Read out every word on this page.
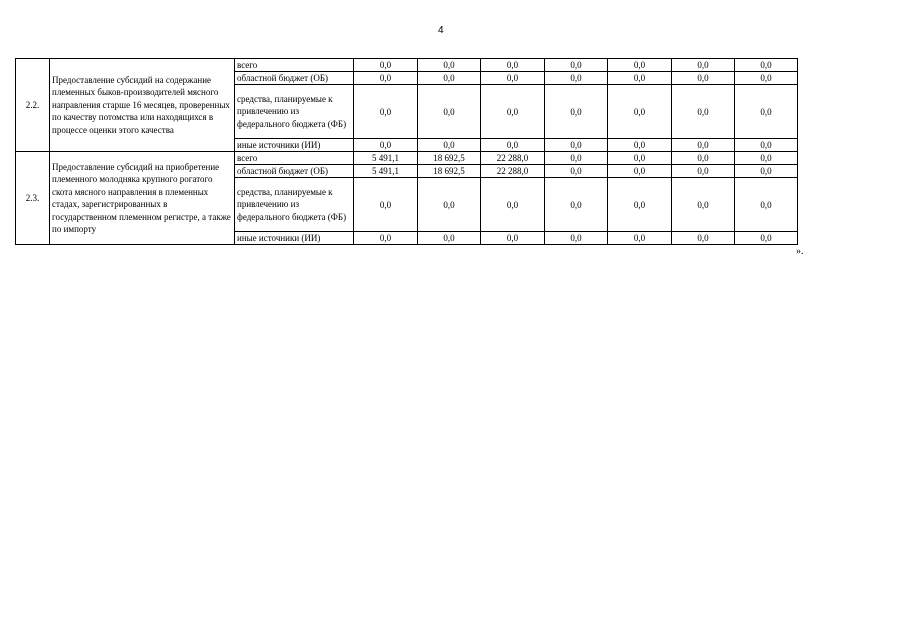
4
2.2.	Предоставление субсидий на содержание племенных быков-производителей мясного направления старше 16 месяцев, проверенных по качеству потомства или находящихся в процессе оценки этого качества	всего	0,0	0,0	0,0	0,0	0,0	0,0	0,0
		областной бюджет (ОБ)	0,0	0,0	0,0	0,0	0,0	0,0	0,0
		средства, планируемые к привлечению из федерального бюджета (ФБ)	0,0	0,0	0,0	0,0	0,0	0,0	0,0
		иные источники (ИИ)	0,0	0,0	0,0	0,0	0,0	0,0	0,0
2.3.	Предоставление субсидий на приобретение племенного молодняка крупного рогатого скота мясного направления в племенных стадах, зарегистрированных в государственном племенном регистре, а также по импорту	всего	5 491,1	18 692,5	22 288,0	0,0	0,0	0,0	0,0
		областной бюджет (ОБ)	5 491,1	18 692,5	22 288,0	0,0	0,0	0,0	0,0
		средства, планируемые к привлечению из федерального бюджета (ФБ)	0,0	0,0	0,0	0,0	0,0	0,0	0,0
		иные источники (ИИ)	0,0	0,0	0,0	0,0	0,0	0,0	0,0
».
